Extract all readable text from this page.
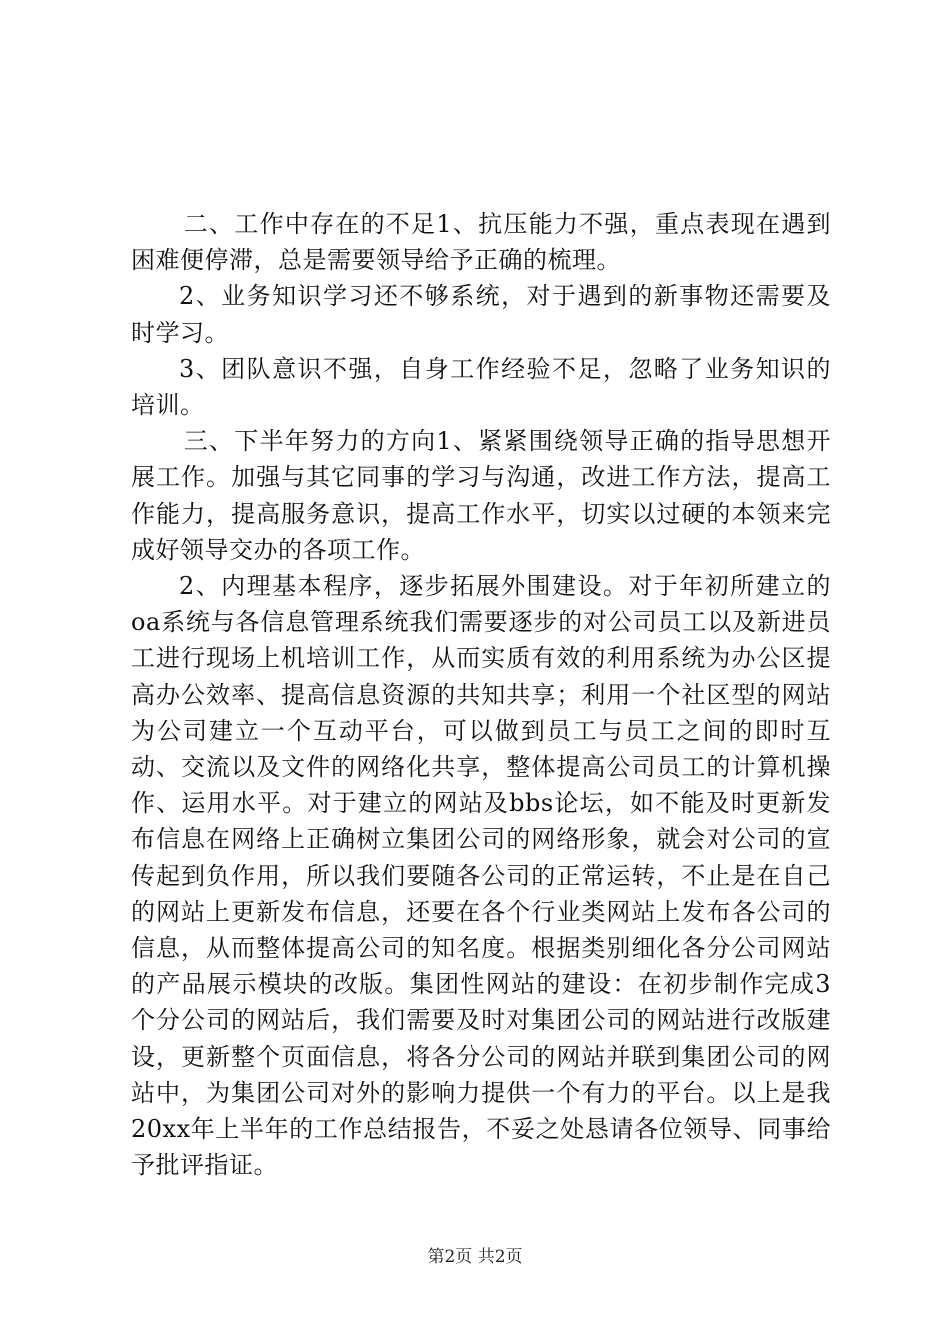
二、工作中存在的不足1、抗压能力不强，重点表现在遇到困难便停滞，总是需要领导给予正确的梳理。

2、业务知识学习还不够系统，对于遇到的新事物还需要及时学习。

3、团队意识不强，自身工作经验不足，忽略了业务知识的培训。

三、下半年努力的方向1、紧紧围绕领导正确的指导思想开展工作。加强与其它同事的学习与沟通，改进工作方法，提高工作能力，提高服务意识，提高工作水平，切实以过硬的本领来完成好领导交办的各项工作。

2、内理基本程序，逐步拓展外围建设。对于年初所建立的oa系统与各信息管理系统我们需要逐步的对公司员工以及新进员工进行现场上机培训工作，从而实质有效的利用系统为办公区提高办公效率、提高信息资源的共知共享；利用一个社区型的网站为公司建立一个互动平台，可以做到员工与员工之间的即时互动、交流以及文件的网络化共享，整体提高公司员工的计算机操作、运用水平。对于建立的网站及bbs论坛，如不能及时更新发布信息在网络上正确树立集团公司的网络形象，就会对公司的宣传起到负作用，所以我们要随各公司的正常运转，不止是在自己的网站上更新发布信息，还要在各个行业类网站上发布各公司的信息，从而整体提高公司的知名度。根据类别细化各分公司网站的产品展示模块的改版。集团性网站的建设：在初步制作完成3个分公司的网站后，我们需要及时对集团公司的网站进行改版建设，更新整个页面信息，将各分公司的网站并联到集团公司的网站中，为集团公司对外的影响力提供一个有力的平台。以上是我20xx年上半年的工作总结报告，不妥之处恳请各位领导、同事给予批评指证。

第2页 共2页
